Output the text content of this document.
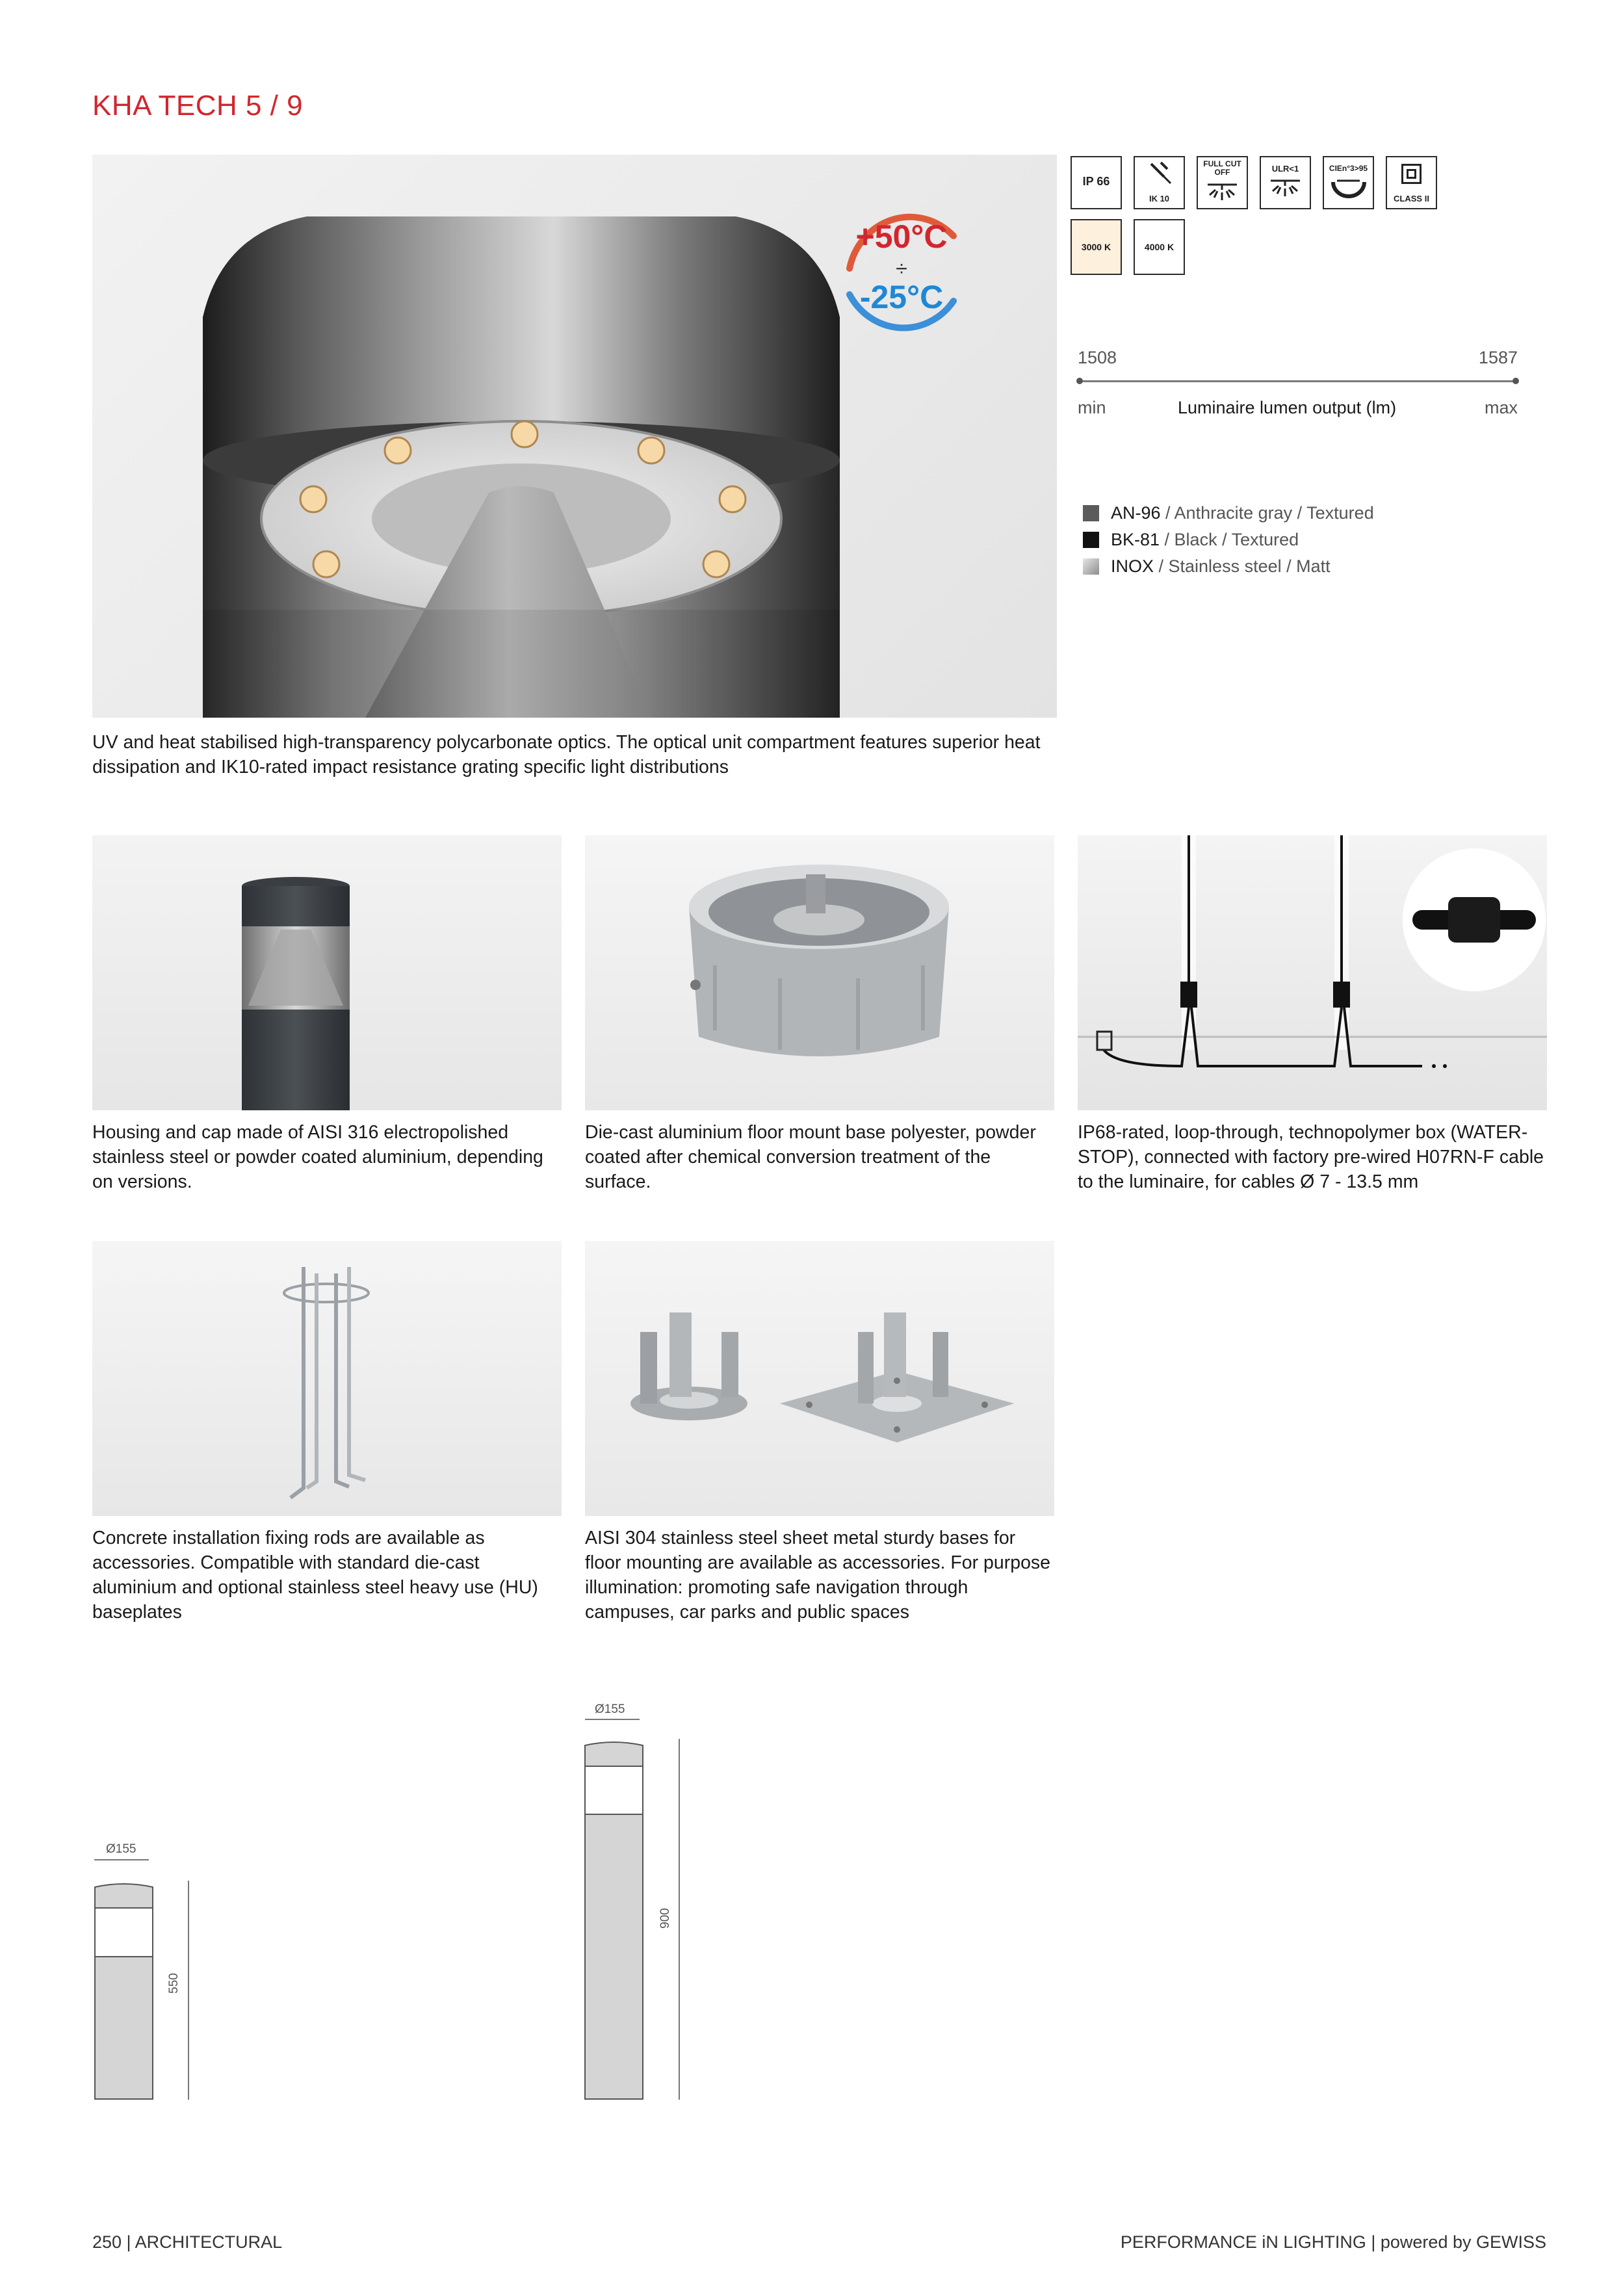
KHA TECH 5 / 9
+50°C
÷
-25°C
UV and heat stabilised high-transparency polycarbonate optics. The optical unit compartment features superior heat dissipation and IK10-rated impact resistance grating specific light distributions
IP 66
IK 10
FULL CUT OFF	ULR<1	CIEn°3>95
CLASS II
3000 K	4000 K
1508	1587
min	Luminaire lumen output (lm)	max
AN-96 / Anthracite gray / Textured
BK-81 / Black / Textured
INOX / Stainless steel / Matt
Housing and cap made of AISI 316 electropolished stainless steel or powder coated aluminium, depending on versions.
Die-cast aluminium floor mount base polyester, powder coated after chemical conversion treatment of the surface.
IP68-rated, loop-through, technopolymer box (WATER-STOP), connected with factory pre-wired H07RN-F cable to the luminaire, for cables Ø 7 - 13.5 mm
Concrete installation fixing rods are available as accessories. Compatible with standard die-cast aluminium and optional stainless steel heavy use (HU) baseplates
AISI 304 stainless steel sheet metal sturdy bases for floor mounting are available as accessories. For purpose illumination: promoting safe navigation through campuses, car parks and public spaces
Ø155
550
Ø155
900
250 | ARCHITECTURAL	PERFORMANCE iN LIGHTING | powered by GEWISS
